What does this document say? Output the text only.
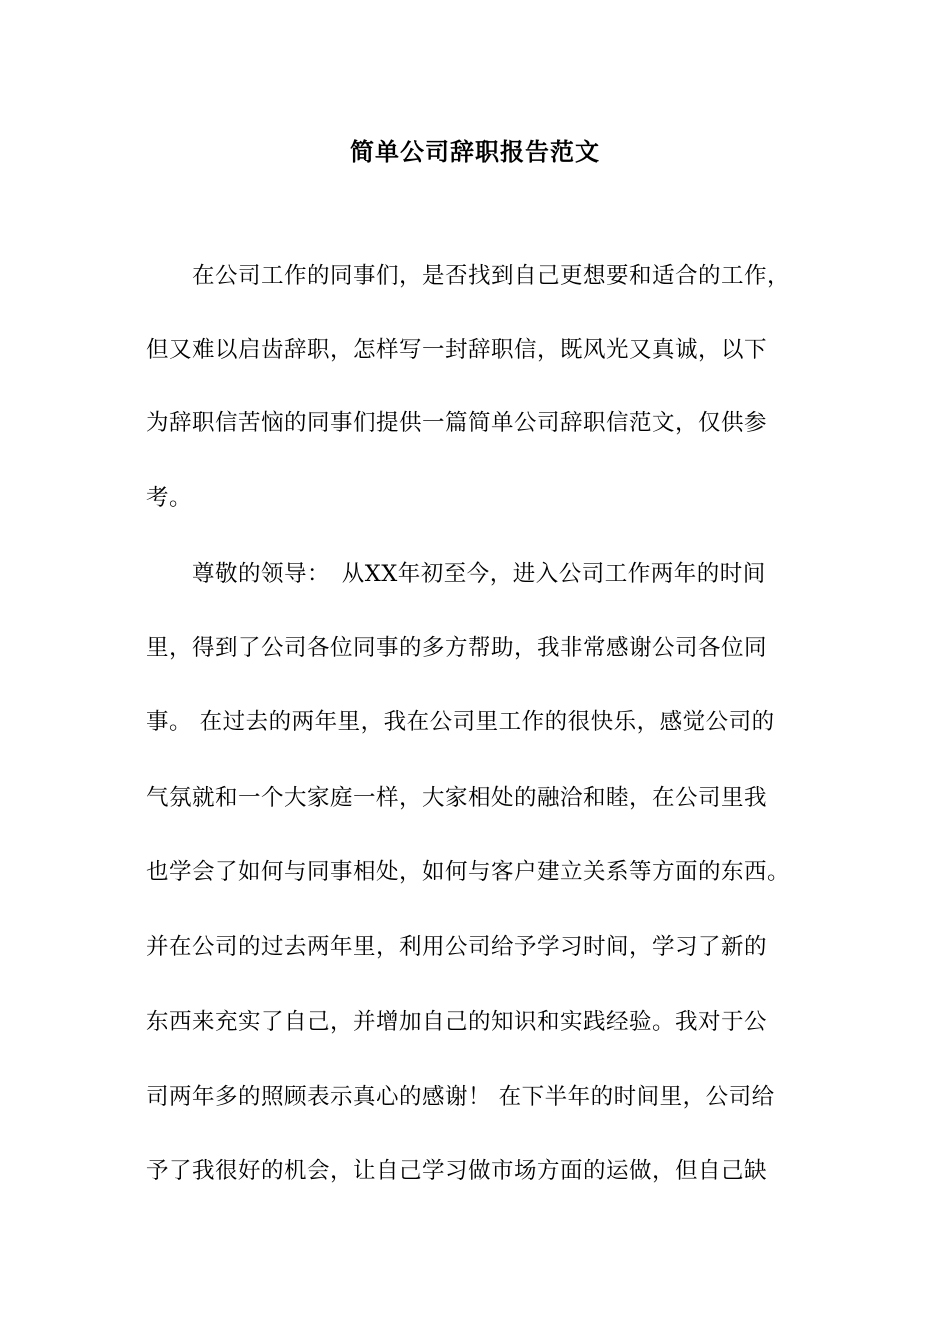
简单公司辞职报告范文
　　在公司工作的同事们，是否找到自己更想要和适合的工作，
但又难以启齿辞职，怎样写一封辞职信，既风光又真诚，以下
为辞职信苦恼的同事们提供一篇简单公司辞职信范文，仅供参
考。
　　尊敬的领导：　从XX年初至今，进入公司工作两年的时间
里，得到了公司各位同事的多方帮助，我非常感谢公司各位同
事。 在过去的两年里，我在公司里工作的很快乐，感觉公司的
气氛就和一个大家庭一样，大家相处的融洽和睦，在公司里我
也学会了如何与同事相处，如何与客户建立关系等方面的东西。
并在公司的过去两年里，利用公司给予学习时间，学习了新的
东西来充实了自己，并增加自己的知识和实践经验。我对于公
司两年多的照顾表示真心的感谢！ 在下半年的时间里，公司给
予了我很好的机会，让自己学习做市场方面的运做，但自己缺
